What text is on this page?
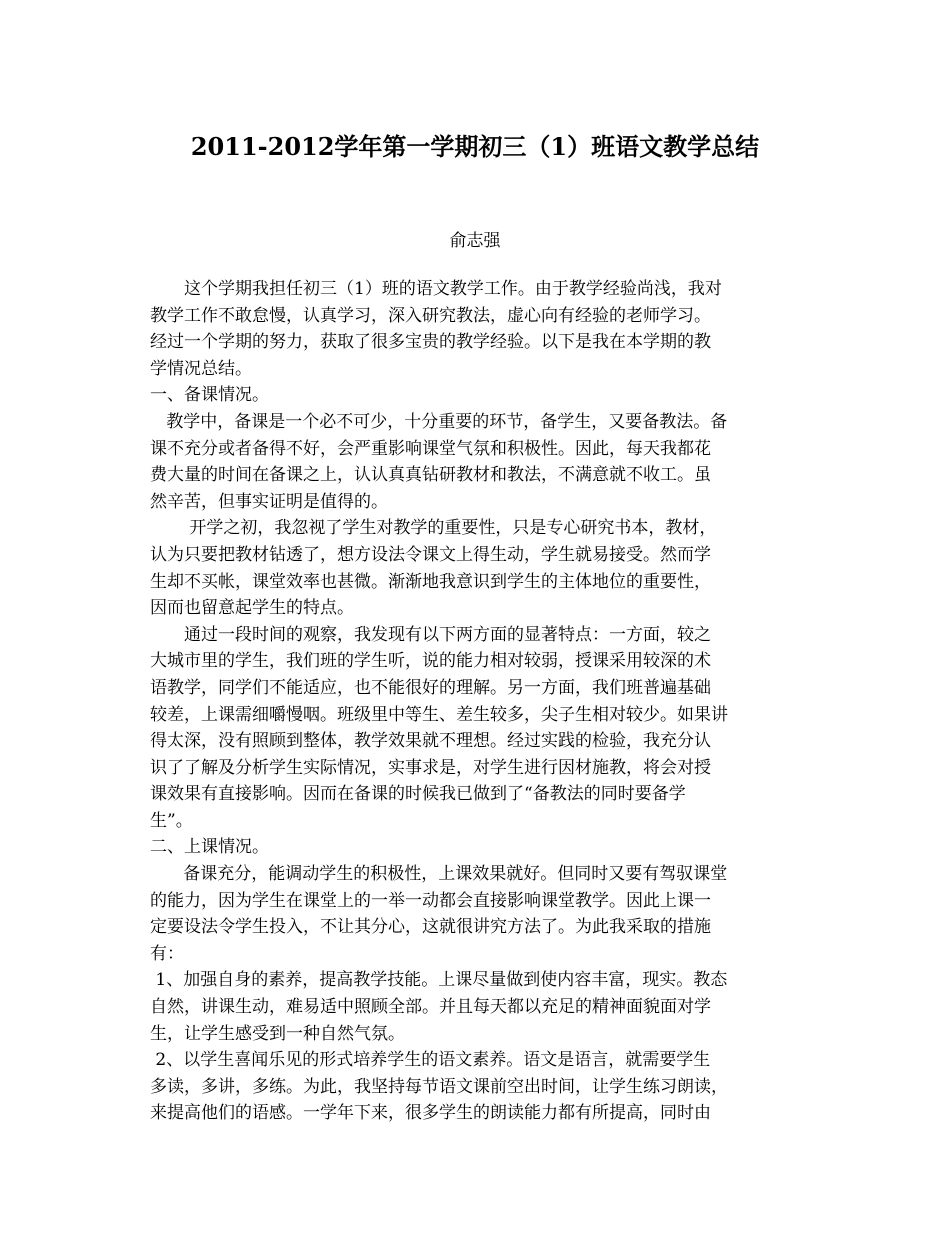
2011-2012学年第一学期初三（1）班语文教学总结
俞志强
　　这个学期我担任初三（1）班的语文教学工作。由于教学经验尚浅，我对
教学工作不敢怠慢，认真学习，深入研究教法，虚心向有经验的老师学习。
经过一个学期的努力，获取了很多宝贵的教学经验。以下是我在本学期的教
学情况总结。
一、备课情况。
教学中，备课是一个必不可少，十分重要的环节，备学生，又要备教法。备
课不充分或者备得不好，会严重影响课堂气氛和积极性。因此，每天我都花
费大量的时间在备课之上，认认真真钻研教材和教法，不满意就不收工。虽
然辛苦，但事实证明是值得的。
　　 开学之初，我忽视了学生对教学的重要性，只是专心研究书本，教材，
认为只要把教材钻透了，想方设法令课文上得生动，学生就易接受。然而学
生却不买帐，课堂效率也甚微。渐渐地我意识到学生的主体地位的重要性，
因而也留意起学生的特点。
　　通过一段时间的观察，我发现有以下两方面的显著特点：一方面，较之
大城市里的学生，我们班的学生听，说的能力相对较弱，授课采用较深的术
语教学，同学们不能适应，也不能很好的理解。另一方面，我们班普遍基础
较差，上课需细嚼慢咽。班级里中等生、差生较多，尖子生相对较少。如果讲
得太深，没有照顾到整体，教学效果就不理想。经过实践的检验，我充分认
识了了解及分析学生实际情况，实事求是，对学生进行因材施教，将会对授
课效果有直接影响。因而在备课的时候我已做到了“备教法的同时要备学
生”。
二、上课情况。
　   备课充分，能调动学生的积极性，上课效果就好。但同时又要有驾驭课堂
的能力，因为学生在课堂上的一举一动都会直接影响课堂教学。因此上课一
定要设法令学生投入，不让其分心，这就很讲究方法了。为此我采取的措施
有：
1、加强自身的素养，提高教学技能。上课尽量做到使内容丰富，现实。教态
自然，讲课生动，难易适中照顾全部。并且每天都以充足的精神面貌面对学
生，让学生感受到一种自然气氛。
2、以学生喜闻乐见的形式培养学生的语文素养。语文是语言，就需要学生
多读，多讲，多练。为此，我坚持每节语文课前空出时间，让学生练习朗读，
来提高他们的语感。一学年下来，很多学生的朗读能力都有所提高，同时由
